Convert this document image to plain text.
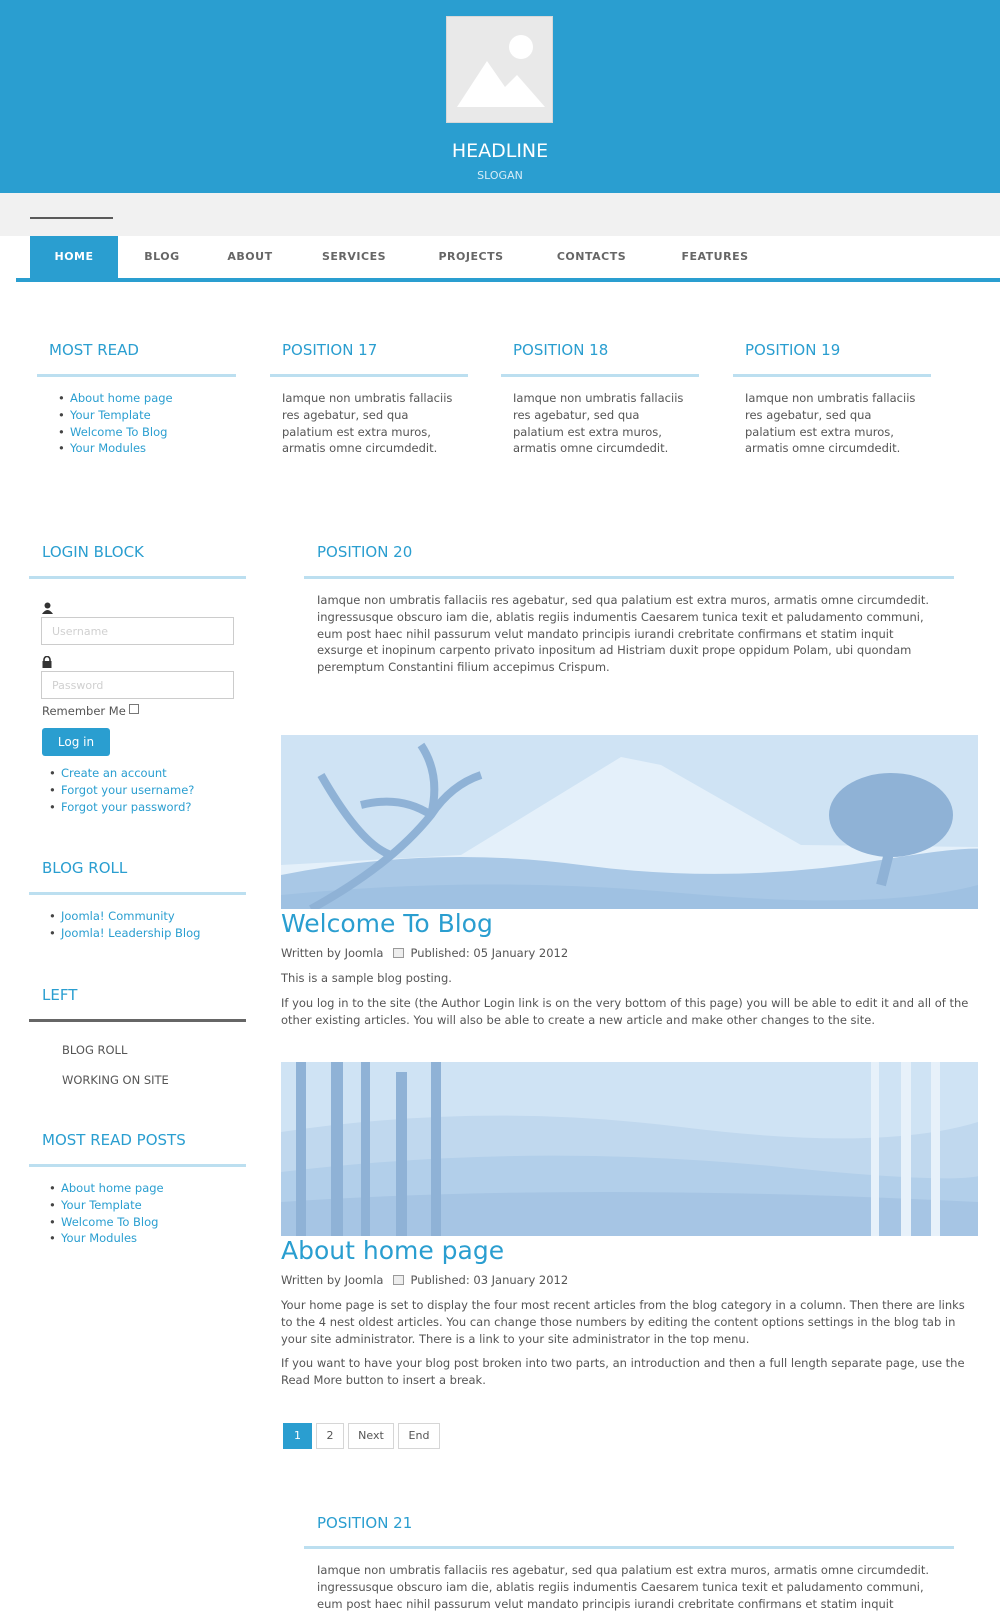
HEADLINE
SLOGAN
HOME	BLOG	ABOUT	SERVICES	PROJECTS	CONTACTS	FEATURES
MOST READ
• About home page
• Your Template
• Welcome To Blog
• Your Modules
POSITION 17
Iamque non umbratis fallaciis res agebatur, sed qua palatium est extra muros, armatis omne circumdedit.
POSITION 18
Iamque non umbratis fallaciis res agebatur, sed qua palatium est extra muros, armatis omne circumdedit.
POSITION 19
Iamque non umbratis fallaciis res agebatur, sed qua palatium est extra muros, armatis omne circumdedit.
LOGIN BLOCK
Username
Remember Me
Log in
• Create an account
• Forgot your username?
• Forgot your password?
BLOG ROLL
• Joomla! Community
• Joomla! Leadership Blog
LEFT
BLOG ROLL
WORKING ON SITE
MOST READ POSTS
• About home page
• Your Template
• Welcome To Blog
• Your Modules
POSITION 20
Iamque non umbratis fallaciis res agebatur, sed qua palatium est extra muros, armatis omne circumdedit. ingressusque obscuro iam die, ablatis regiis indumentis Caesarem tunica texit et paludamento communi, eum post haec nihil passurum velut mandato principis iurandi crebritate confirmans et statim inquit exsurge et inopinum carpento privato inpositum ad Histriam duxit prope oppidum Polam, ubi quondam peremptum Constantini filium accepimus Crispum.
Welcome To Blog
Written by Joomla Published: 05 January 2012
This is a sample blog posting.
If you log in to the site (the Author Login link is on the very bottom of this page) you will be able to edit it and all of the other existing articles. You will also be able to create a new article and make other changes to the site.
About home page
Written by Joomla Published: 03 January 2012
Your home page is set to display the four most recent articles from the blog category in a column. Then there are links to the 4 nest oldest articles. You can change those numbers by editing the content options settings in the blog tab in your site administrator. There is a link to your site administrator in the top menu.
If you want to have your blog post broken into two parts, an introduction and then a full length separate page, use the Read More button to insert a break.
1	2	Next	End
POSITION 21
Iamque non umbratis fallaciis res agebatur, sed qua palatium est extra muros, armatis omne circumdedit. ingressusque obscuro iam die, ablatis regiis indumentis Caesarem tunica texit et paludamento communi, eum post haec nihil passurum velut mandato principis iurandi crebritate confirmans et statim inquit
